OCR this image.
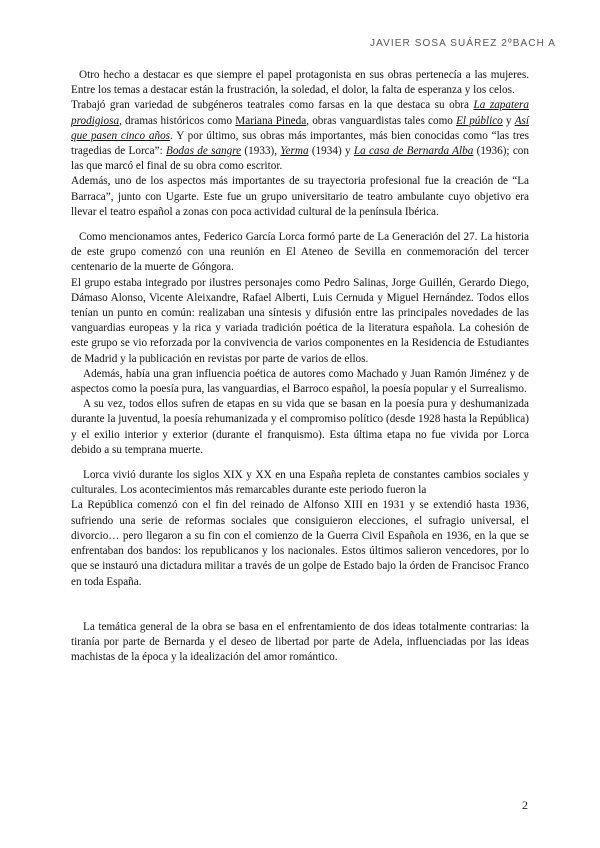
JAVIER SOSA SUÁREZ 2ºBACH A

Otro hecho a destacar es que siempre el papel protagonista en sus obras pertenecía a las mujeres. Entre los temas a destacar están la frustración, la soledad, el dolor, la falta de esperanza y los celos.

Trabajó gran variedad de subgéneros teatrales como farsas en la que destaca su obra La zapatera prodigiosa, dramas históricos como Mariana Pineda, obras vanguardistas tales como El público y Así que pasen cinco años. Y por último, sus obras más importantes, más bien conocidas como “las tres tragedias de Lorca”: Bodas de sangre (1933), Yerma (1934) y La casa de Bernarda Alba (1936); con las que marcó el final de su obra como escritor.

Además, uno de los aspectos más importantes de su trayectoria profesional fue la creación de “La Barraca”, junto con Ugarte. Este fue un grupo universitario de teatro ambulante cuyo objetivo era llevar el teatro español a zonas con poca actividad cultural de la península Ibérica.

Como mencionamos antes, Federico García Lorca formó parte de La Generación del 27. La historia de este grupo comenzó con una reunión en El Ateneo de Sevilla en conmemoración del tercer centenario de la muerte de Góngora.

El grupo estaba integrado por ilustres personajes como Pedro Salinas, Jorge Guillén, Gerardo Diego, Dámaso Alonso, Vicente Aleixandre, Rafael Alberti, Luis Cernuda y Miguel Hernández. Todos ellos tenían un punto en común: realizaban una síntesis y difusión entre las principales novedades de las vanguardias europeas y la rica y variada tradición poética de la literatura española. La cohesión de este grupo se vio reforzada por la convivencia de varios componentes en la Residencia de Estudiantes de Madrid y la publicación en revistas por parte de varios de ellos.

Además, había una gran influencia poética de autores como Machado y Juan Ramón Jiménez y de aspectos como la poesía pura, las vanguardias, el Barroco español, la poesía popular y el Surrealismo.

A su vez, todos ellos sufren de etapas en su vida que se basan en la poesía pura y deshumanizada durante la juventud, la poesía rehumanizada y el compromiso político (desde 1928 hasta la República) y el exilio interior y exterior (durante el franquismo). Esta última etapa no fue vivida por Lorca debido a su temprana muerte.

Lorca vivió durante los siglos XIX y XX en una España repleta de constantes cambios sociales y culturales. Los acontecimientos más remarcables durante este periodo fueron la

La República comenzó con el fin del reinado de Alfonso XIII en 1931 y se extendió hasta 1936, sufriendo una serie de reformas sociales que consiguieron elecciones, el sufragio universal, el divorcio… pero llegaron a su fin con el comienzo de la Guerra Civil Española en 1936, en la que se enfrentaban dos bandos: los republicanos y los nacionales. Estos últimos salieron vencedores, por lo que se instauró una dictadura militar a través de un golpe de Estado bajo la órden de Francisoc Franco en toda España.

La temática general de la obra se basa en el enfrentamiento de dos ideas totalmente contrarias: la tiranía por parte de Bernarda y el deseo de libertad por parte de Adela, influenciadas por las ideas machistas de la época y la idealización del amor romántico.

2
